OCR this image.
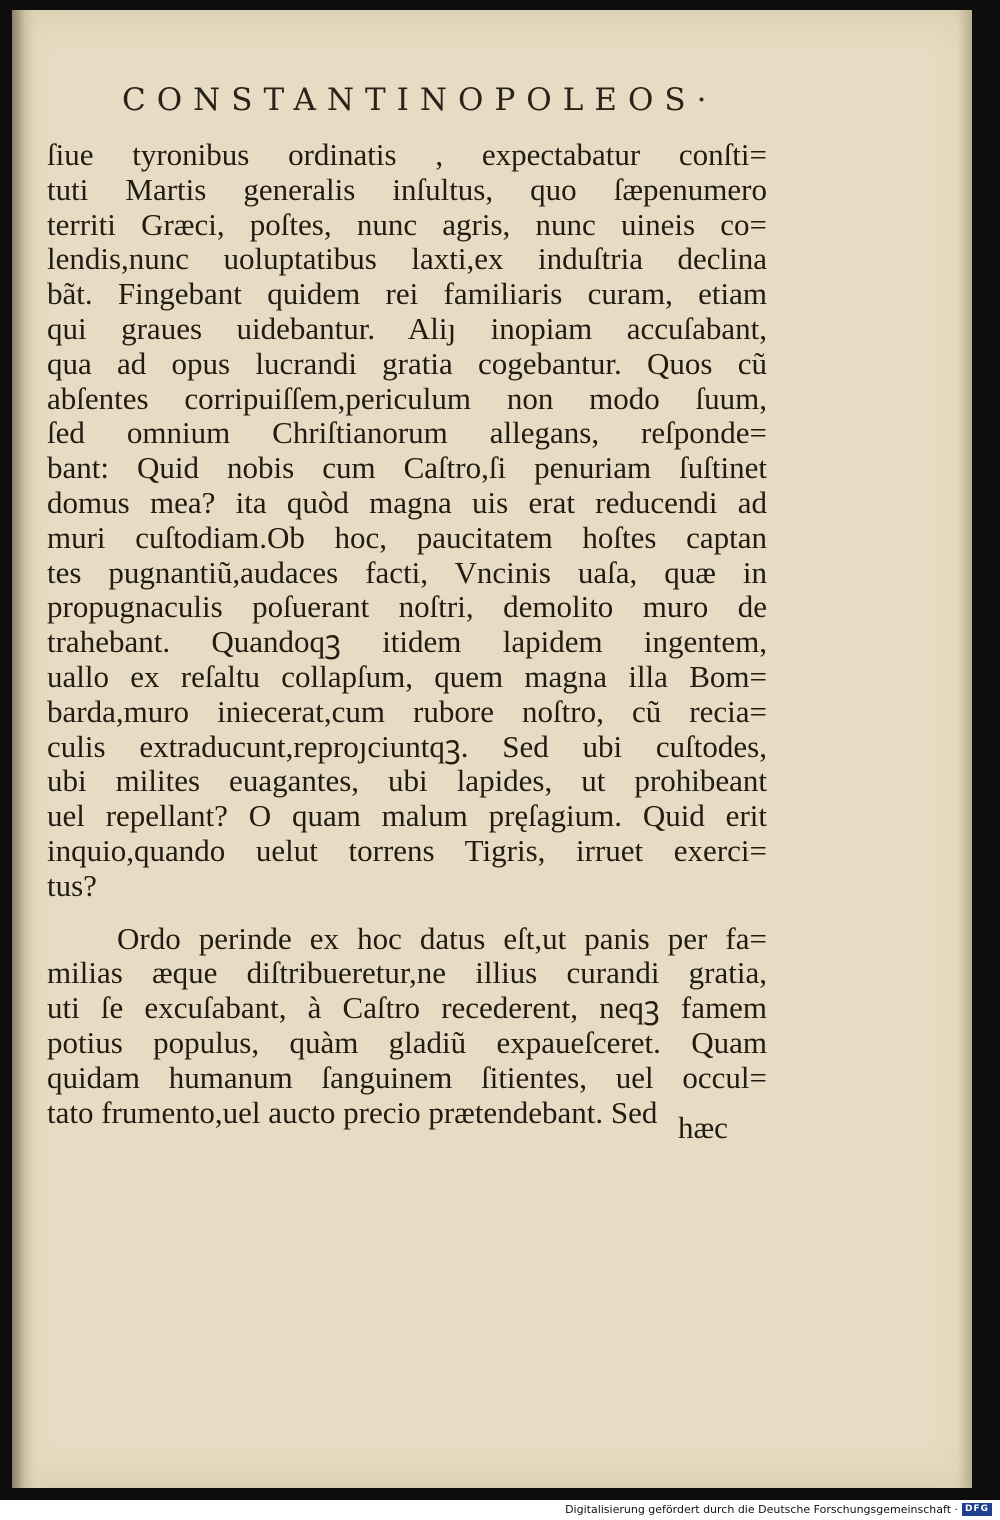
CONSTANTINOPOLEOS·
ſiue tyronibus ordinatis , expectabatur conſti=
tuti Martis generalis inſultus, quo ſæpenumero
territi Græci, poſtes, nunc agris, nunc uineis co=
lendis,nunc uoluptatibus laxti,ex induſtria declina
bãt. Fingebant quidem rei familiaris curam, etiam
qui graues uidebantur. Aliȷ inopiam accuſabant,
qua ad opus lucrandi gratia cogebantur. Quos cũ
abſentes corripuiſſem,periculum non modo ſuum,
ſed omnium Chriſtianorum allegans, reſponde=
bant: Quid nobis cum Caſtro,ſi penuriam ſuſtinet
domus mea? ita quòd magna uis erat reducendi ad
muri cuſtodiam.Ob hoc, paucitatem hoſtes captan
tes pugnantiũ,audaces facti, Vncinis uaſa, quæ in
propugnaculis poſuerant noſtri, demolito muro de
trahebant. Quandoqꝫ itidem lapidem ingentem,
uallo ex reſaltu collapſum, quem magna illa Bom=
barda,muro iniecerat,cum rubore noſtro, cũ recia=
culis extraducunt,reproȷciuntqꝫ. Sed ubi cuſtodes,
ubi milites euagantes, ubi lapides, ut prohibeant
uel repellant? O quam malum pręſagium. Quid erit
inquio,quando uelut torrens Tigris, irruet exerci=
tus?
Ordo perinde ex hoc datus eſt,ut panis per fa=
milias æque diſtribueretur,ne illius curandi gratia,
uti ſe excuſabant, à Caſtro recederent, neqꝫ famem
potius populus, quàm gladiũ expaueſceret. Quam
quidam humanum ſanguinem ſitientes, uel occul=
tato frumento,uel aucto precio prætendebant. Sed hæc
Digitalisierung gefördert durch die Deutsche Forschungsgemeinschaft · DFG
